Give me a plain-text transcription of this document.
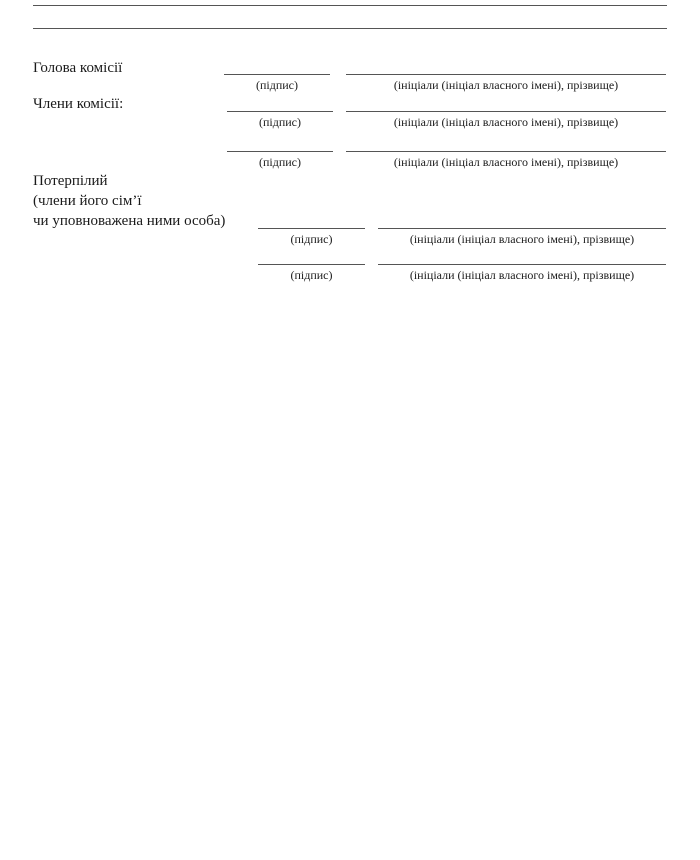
Голова комісії
(підпис)	(ініціали (ініціал власного імені), прізвище)
Члени комісії:
(підпис)	(ініціали (ініціал власного імені), прізвище)
(підпис)	(ініціали (ініціал власного імені), прізвище)
Потерпілий
(члени його сім’ї
чи уповноважена ними особа)
(підпис)	(ініціали (ініціал власного імені), прізвище)
(підпис)	(ініціали (ініціал власного імені), прізвище)
